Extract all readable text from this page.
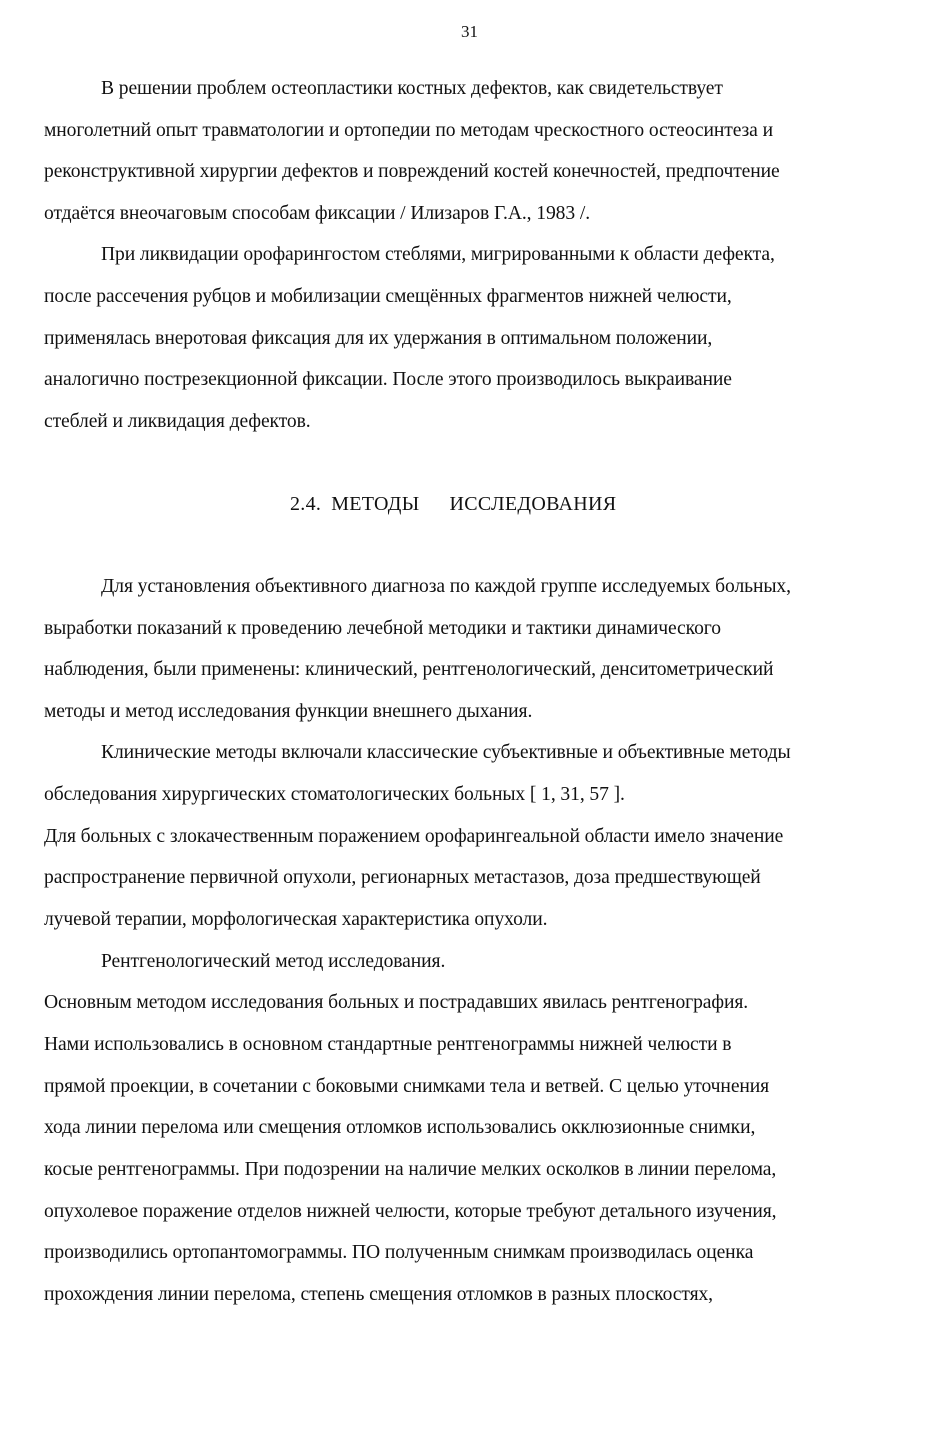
31
В решении проблем остеопластики костных дефектов, как свидетельствует
многолетний опыт травматологии и ортопедии по методам чрескостного остеосинтеза и
реконструктивной хирургии дефектов и повреждений костей конечностей, предпочтение
отдаётся внеочаговым способам фиксации / Илизаров Г.А., 1983 /.
При ликвидации орофарингостом стеблями, мигрированными к области дефекта,
после рассечения рубцов и мобилизации смещённых фрагментов нижней челюсти,
применялась внеротовая фиксация для их удержания в оптимальном положении,
аналогично пострезекционной фиксации. После этого производилось выкраивание
стеблей и ликвидация дефектов.
2.4. МЕТОДЫ ИССЛЕДОВАНИЯ
Для установления объективного диагноза по каждой группе исследуемых больных,
выработки показаний к проведению лечебной методики и тактики динамического
наблюдения, были применены: клинический, рентгенологический, денситометрический
методы и метод исследования функции внешнего дыхания.
Клинические методы включали классические субъективные и объективные методы
обследования хирургических стоматологических больных [ 1, 31, 57 ].
Для больных с злокачественным поражением орофарингеальной области имело значение
распространение первичной опухоли, регионарных метастазов, доза предшествующей
лучевой терапии, морфологическая характеристика опухоли.
Рентгенологический метод исследования.
Основным методом исследования больных и пострадавших явилась рентгенография.
Нами использовались в основном стандартные рентгенограммы нижней челюсти в
прямой проекции, в сочетании с боковыми снимками тела и ветвей. С целью уточнения
хода линии перелома или смещения отломков использовались окклюзионные снимки,
косые рентгенограммы. При подозрении на наличие мелких осколков в линии перелома,
опухолевое поражение отделов нижней челюсти, которые требуют детального изучения,
производились ортопантомограммы. ПО полученным снимкам производилась оценка
прохождения линии перелома, степень смещения отломков в разных плоскостях,
